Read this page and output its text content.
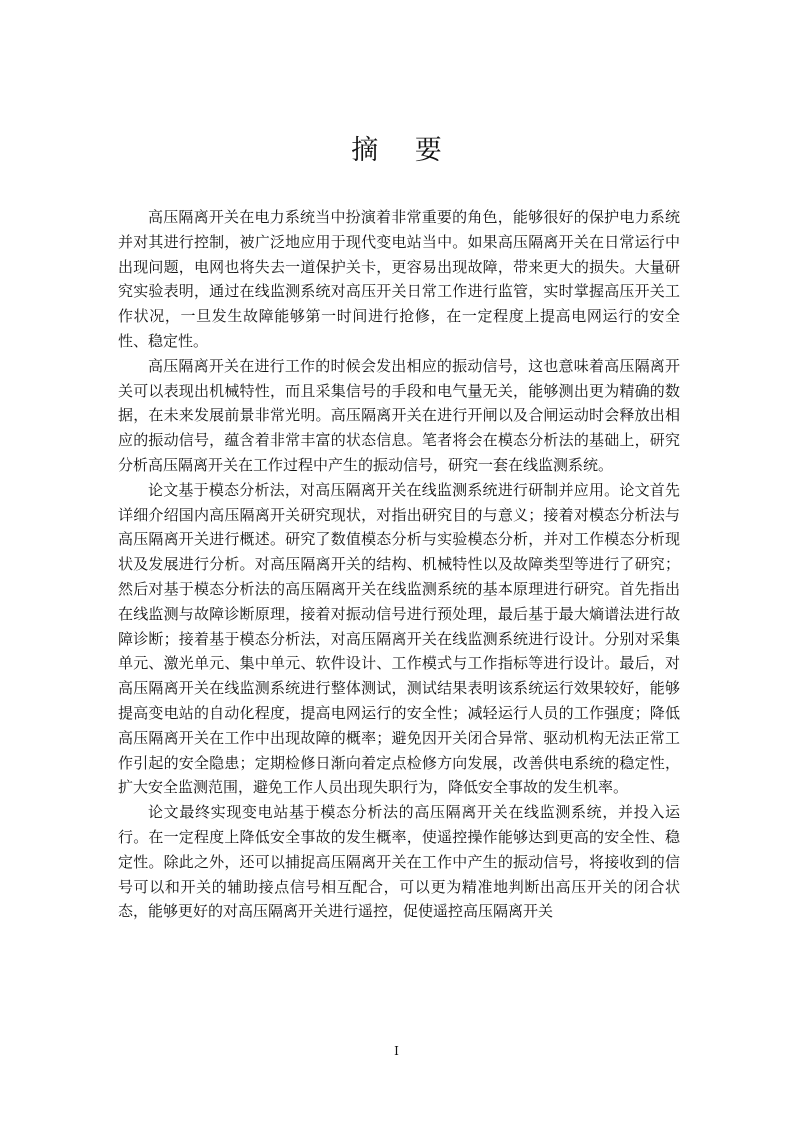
摘 要

高压隔离开关在电力系统当中扮演着非常重要的角色，能够很好的保护电力系统并对其进行控制，被广泛地应用于现代变电站当中。如果高压隔离开关在日常运行中出现问题，电网也将失去一道保护关卡，更容易出现故障，带来更大的损失。大量研究实验表明，通过在线监测系统对高压开关日常工作进行监管，实时掌握高压开关工作状况，一旦发生故障能够第一时间进行抢修，在一定程度上提高电网运行的安全性、稳定性。

高压隔离开关在进行工作的时候会发出相应的振动信号，这也意味着高压隔离开关可以表现出机械特性，而且采集信号的手段和电气量无关，能够测出更为精确的数据，在未来发展前景非常光明。高压隔离开关在进行开闸以及合闸运动时会释放出相应的振动信号，蕴含着非常丰富的状态信息。笔者将会在模态分析法的基础上，研究分析高压隔离开关在工作过程中产生的振动信号，研究一套在线监测系统。

论文基于模态分析法，对高压隔离开关在线监测系统进行研制并应用。论文首先详细介绍国内高压隔离开关研究现状，对指出研究目的与意义；接着对模态分析法与高压隔离开关进行概述。研究了数值模态分析与实验模态分析，并对工作模态分析现状及发展进行分析。对高压隔离开关的结构、机械特性以及故障类型等进行了研究；然后对基于模态分析法的高压隔离开关在线监测系统的基本原理进行研究。首先指出在线监测与故障诊断原理，接着对振动信号进行预处理，最后基于最大熵谱法进行故障诊断；接着基于模态分析法，对高压隔离开关在线监测系统进行设计。分别对采集单元、激光单元、集中单元、软件设计、工作模式与工作指标等进行设计。最后，对高压隔离开关在线监测系统进行整体测试，测试结果表明该系统运行效果较好，能够提高变电站的自动化程度，提高电网运行的安全性；减轻运行人员的工作强度；降低高压隔离开关在工作中出现故障的概率；避免因开关闭合异常、驱动机构无法正常工作引起的安全隐患；定期检修日渐向着定点检修方向发展，改善供电系统的稳定性，扩大安全监测范围，避免工作人员出现失职行为，降低安全事故的发生机率。

论文最终实现变电站基于模态分析法的高压隔离开关在线监测系统，并投入运行。在一定程度上降低安全事故的发生概率，使遥控操作能够达到更高的安全性、稳定性。除此之外，还可以捕捉高压隔离开关在工作中产生的振动信号，将接收到的信号可以和开关的辅助接点信号相互配合，可以更为精准地判断出高压开关的闭合状态，能够更好的对高压隔离开关进行遥控，促使遥控高压隔离开关

I
